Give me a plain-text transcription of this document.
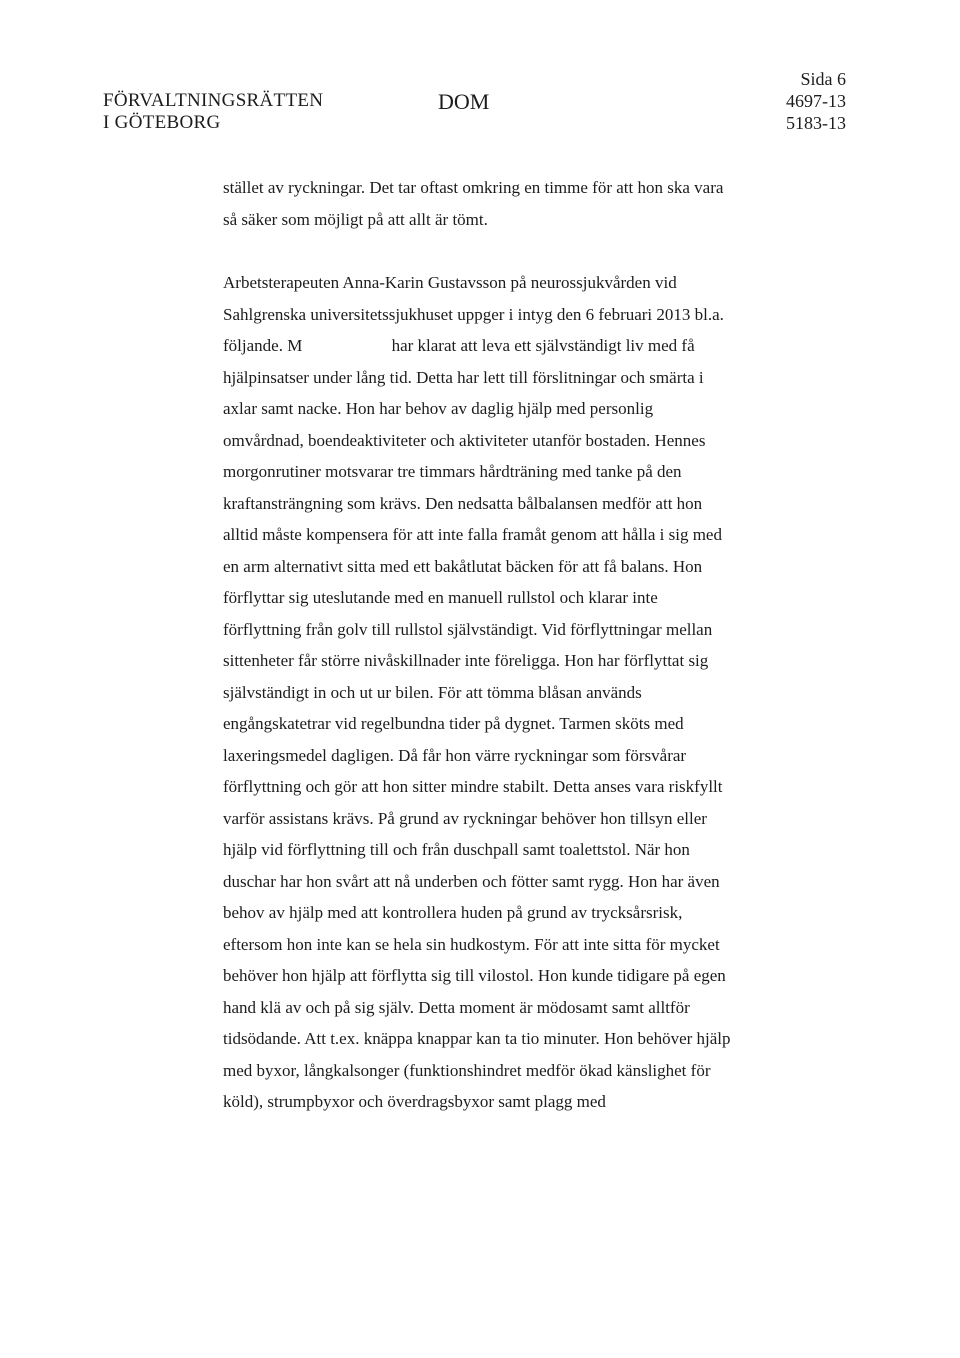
FÖRVALTNINGSRÄTTEN
I GÖTEBORG
DOM
Sida 6
4697-13
5183-13

stället av ryckningar. Det tar oftast omkring en timme för att hon ska vara
så säker som möjligt på att allt är tömt.

Arbetsterapeuten Anna-Karin Gustavsson på neurossjukvården vid
Sahlgrenska universitetssjukhuset uppger i intyg den 6 februari 2013 bl.a.
följande. M                     har klarat att leva ett självständigt liv med få
hjälpinsatser under lång tid. Detta har lett till förslitningar och smärta i
axlar samt nacke. Hon har behov av daglig hjälp med personlig
omvårdnad, boendeaktiviteter och aktiviteter utanför bostaden. Hennes
morgonrutiner motsvarar tre timmars hårdträning med tanke på den
kraftansträngning som krävs. Den nedsatta bålbalansen medför att hon
alltid måste kompensera för att inte falla framåt genom att hålla i sig med
en arm alternativt sitta med ett bakåtlutat bäcken för att få balans. Hon
förflyttar sig uteslutande med en manuell rullstol och klarar inte
förflyttning från golv till rullstol självständigt. Vid förflyttningar mellan
sittenheter får större nivåskillnader inte föreligga. Hon har förflyttat sig
självständigt in och ut ur bilen. För att tömma blåsan används
engångskatetrar vid regelbundna tider på dygnet. Tarmen sköts med
laxeringsmedel dagligen. Då får hon värre ryckningar som försvårar
förflyttning och gör att hon sitter mindre stabilt. Detta anses vara riskfyllt
varför assistans krävs. På grund av ryckningar behöver hon tillsyn eller
hjälp vid förflyttning till och från duschpall samt toalettstol. När hon
duschar har hon svårt att nå underben och fötter samt rygg. Hon har även
behov av hjälp med att kontrollera huden på grund av trycksårsrisk,
eftersom hon inte kan se hela sin hudkostym. För att inte sitta för mycket
behöver hon hjälp att förflytta sig till vilostol. Hon kunde tidigare på egen
hand klä av och på sig själv. Detta moment är mödosamt samt alltför
tidsödande. Att t.ex. knäppa knappar kan ta tio minuter. Hon behöver hjälp
med byxor, långkalsonger (funktionshindret medför ökad känslighet för
köld), strumpbyxor och överdragsbyxor samt plagg med
